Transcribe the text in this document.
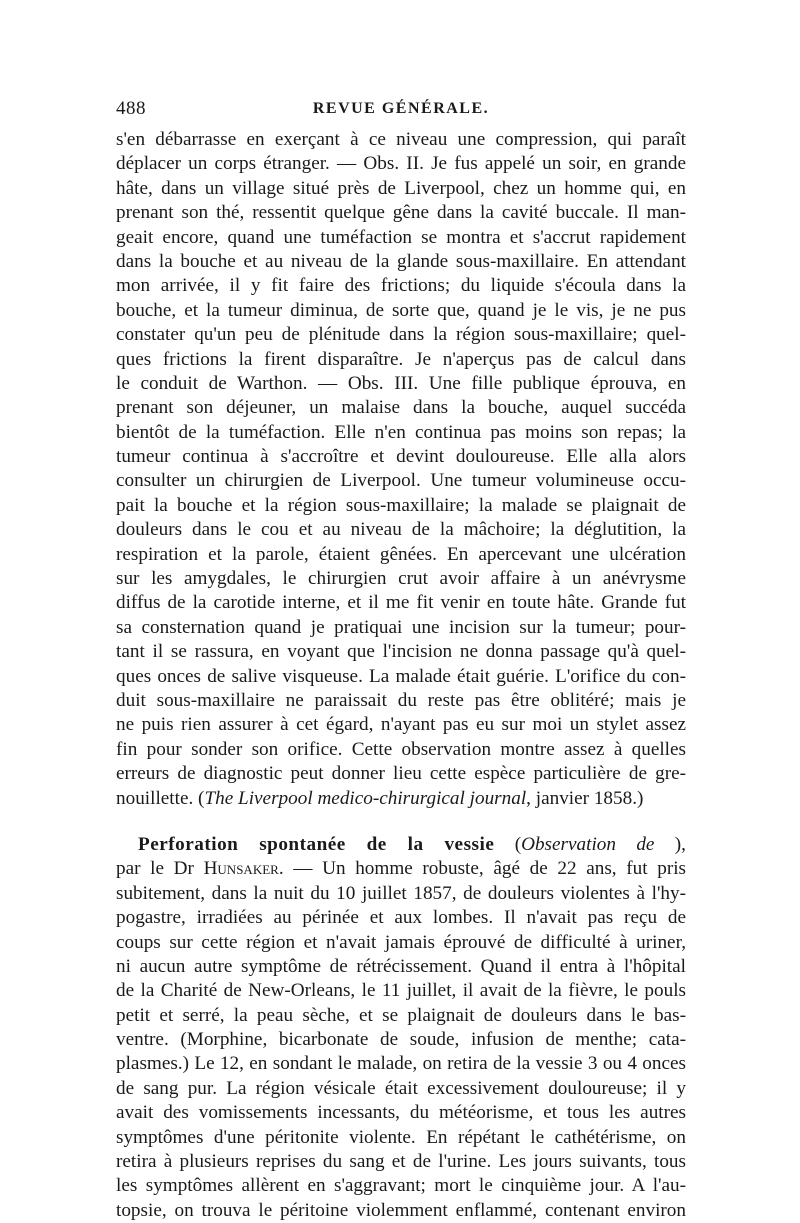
488	REVUE GÉNÉRALE.
s'en débarrasse en exerçant à ce niveau une compression, qui paraît
déplacer un corps étranger. — Obs. II. Je fus appelé un soir, en grande
hâte, dans un village situé près de Liverpool, chez un homme qui, en
prenant son thé, ressentit quelque gêne dans la cavité buccale. Il man-
geait encore, quand une tuméfaction se montra et s'accrut rapidement
dans la bouche et au niveau de la glande sous-maxillaire. En attendant
mon arrivée, il y fit faire des frictions; du liquide s'écoula dans la
bouche, et la tumeur diminua, de sorte que, quand je le vis, je ne pus
constater qu'un peu de plénitude dans la région sous-maxillaire; quel-
ques frictions la firent disparaître. Je n'aperçus pas de calcul dans
le conduit de Warthon. — Obs. III. Une fille publique éprouva, en
prenant son déjeuner, un malaise dans la bouche, auquel succéda
bientôt de la tuméfaction. Elle n'en continua pas moins son repas; la
tumeur continua à s'accroître et devint douloureuse. Elle alla alors
consulter un chirurgien de Liverpool. Une tumeur volumineuse occu-
pait la bouche et la région sous-maxillaire; la malade se plaignait de
douleurs dans le cou et au niveau de la mâchoire; la déglutition, la
respiration et la parole, étaient gênées. En apercevant une ulcération
sur les amygdales, le chirurgien crut avoir affaire à un anévrysme
diffus de la carotide interne, et il me fit venir en toute hâte. Grande fut
sa consternation quand je pratiquai une incision sur la tumeur; pour-
tant il se rassura, en voyant que l'incision ne donna passage qu'à quel-
ques onces de salive visqueuse. La malade était guérie. L'orifice du con-
duit sous-maxillaire ne paraissait du reste pas être oblitéré; mais je
ne puis rien assurer à cet égard, n'ayant pas eu sur moi un stylet assez
fin pour sonder son orifice. Cette observation montre assez à quelles
erreurs de diagnostic peut donner lieu cette espèce particulière de gre-
nouillette. (The Liverpool medico-chirurgical journal, janvier 1858.)
Perforation spontanée de la vessie (Observation de ),
par le Dr Hunsaker. — Un homme robuste, âgé de 22 ans, fut pris
subitement, dans la nuit du 10 juillet 1857, de douleurs violentes à l'hy-
pogastre, irradiées au périnée et aux lombes. Il n'avait pas reçu de
coups sur cette région et n'avait jamais éprouvé de difficulté à uriner,
ni aucun autre symptôme de rétrécissement. Quand il entra à l'hôpital
de la Charité de New-Orleans, le 11 juillet, il avait de la fièvre, le pouls
petit et serré, la peau sèche, et se plaignait de douleurs dans le bas-
ventre. (Morphine, bicarbonate de soude, infusion de menthe; cata-
plasmes.) Le 12, en sondant le malade, on retira de la vessie 3 ou 4 onces
de sang pur. La région vésicale était excessivement douloureuse; il y
avait des vomissements incessants, du météorisme, et tous les autres
symptômes d'une péritonite violente. En répétant le cathétérisme, on
retira à plusieurs reprises du sang et de l'urine. Les jours suivants, tous
les symptômes allèrent en s'aggravant; mort le cinquième jour. A l'au-
topsie, on trouva le péritoine violemment enflammé, contenant environ
